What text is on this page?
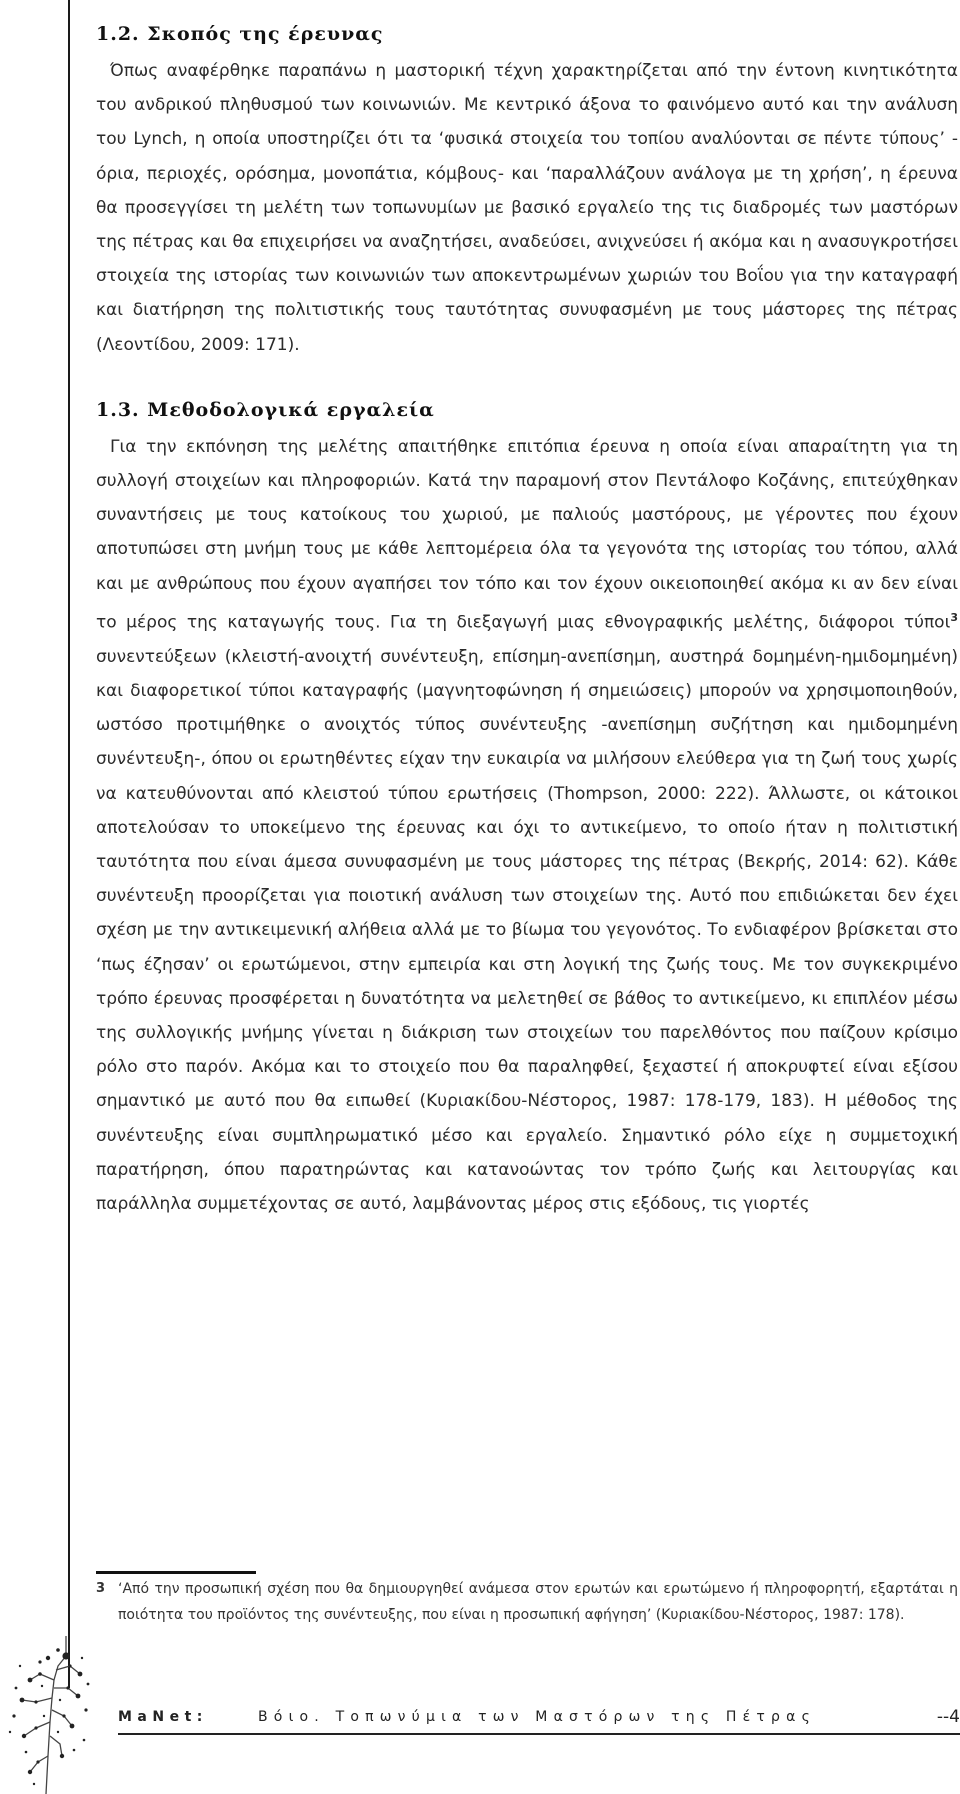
1.2. Σκοπός της έρευνας

Όπως αναφέρθηκε παραπάνω η μαστορική τέχνη χαρακτηρίζεται από την έντονη κινητικότητα του ανδρικού πληθυσμού των κοινωνιών. Με κεντρικό άξονα το φαινόμενο αυτό και την ανάλυση του Lynch, η οποία υποστηρίζει ότι τα ‘φυσικά στοιχεία του τοπίου αναλύονται σε πέντε τύπους’ - όρια, περιοχές, ορόσημα, μονοπάτια, κόμβους- και ‘παραλλάζουν ανάλογα με τη χρήση’, η έρευνα θα προσεγγίσει τη μελέτη των τοπωνυμίων με βασικό εργαλείο της τις διαδρομές των μαστόρων της πέτρας και θα επιχειρήσει να αναζητήσει, αναδεύσει, ανιχνεύσει ή ακόμα και η ανασυγκροτήσει στοιχεία της ιστορίας των κοινωνιών των αποκεντρωμένων χωριών του Βοΐου για την καταγραφή και διατήρηση της πολιτιστικής τους ταυτότητας συνυφασμένη με τους μάστορες της πέτρας (Λεοντίδου, 2009: 171).

1.3. Μεθοδολογικά εργαλεία

Για την εκπόνηση της μελέτης απαιτήθηκε επιτόπια έρευνα η οποία είναι απαραίτητη για τη συλλογή στοιχείων και πληροφοριών. Κατά την παραμονή στον Πεντάλοφο Κοζάνης, επιτεύχθηκαν συναντήσεις με τους κατοίκους του χωριού, με παλιούς μαστόρους, με γέροντες που έχουν αποτυπώσει στη μνήμη τους με κάθε λεπτομέρεια όλα τα γεγονότα της ιστορίας του τόπου, αλλά και με ανθρώπους που έχουν αγαπήσει τον τόπο και τον έχουν οικειοποιηθεί ακόμα κι αν δεν είναι το μέρος της καταγωγής τους. Για τη διεξαγωγή μιας εθνογραφικής μελέτης, διάφοροι τύποι$^3$ συνεντεύξεων (κλειστή-ανοιχτή συνέντευξη, επίσημη-ανεπίσημη, αυστηρά δομημένη-ημιδομημένη) και διαφορετικοί τύποι καταγραφής (μαγνητοφώνηση ή σημειώσεις) μπορούν να χρησιμοποιηθούν, ωστόσο προτιμήθηκε ο ανοιχτός τύπος συνέντευξης -ανεπίσημη συζήτηση και ημιδομημένη συνέντευξη-, όπου οι ερωτηθέντες είχαν την ευκαιρία να μιλήσουν ελεύθερα για τη ζωή τους χωρίς να κατευθύνονται από κλειστού τύπου ερωτήσεις (Thompson, 2000: 222). Άλλωστε, οι κάτοικοι αποτελούσαν το υποκείμενο της έρευνας και όχι το αντικείμενο, το οποίο ήταν η πολιτιστική ταυτότητα που είναι άμεσα συνυφασμένη με τους μάστορες της πέτρας (Βεκρής, 2014: 62). Κάθε συνέντευξη προορίζεται για ποιοτική ανάλυση των στοιχείων της. Αυτό που επιδιώκεται δεν έχει σχέση με την αντικειμενική αλήθεια αλλά με το βίωμα του γεγονότος. Το ενδιαφέρον βρίσκεται στο ‘πως έζησαν’ οι ερωτώμενοι, στην εμπειρία και στη λογική της ζωής τους. Με τον συγκεκριμένο τρόπο έρευνας προσφέρεται η δυνατότητα να μελετηθεί σε βάθος το αντικείμενο, κι επιπλέον μέσω της συλλογικής μνήμης γίνεται η διάκριση των στοιχείων του παρελθόντος που παίζουν κρίσιμο ρόλο στο παρόν. Ακόμα και το στοιχείο που θα παραληφθεί, ξεχαστεί ή αποκρυφτεί είναι εξίσου σημαντικό με αυτό που θα ειπωθεί (Κυριακίδου-Νέστορος, 1987: 178-179, 183). Η μέθοδος της συνέντευξης είναι συμπληρωματικό μέσο και εργαλείο. Σημαντικό ρόλο είχε η συμμετοχική παρατήρηση, όπου παρατηρώντας και κατανοώντας τον τρόπο ζωής και λειτουργίας και παράλληλα συμμετέχοντας σε αυτό, λαμβάνοντας μέρος στις εξόδους, τις γιορτές

3 ‘Από την προσωπική σχέση που θα δημιουργηθεί ανάμεσα στον ερωτών και ερωτώμενο ή πληροφορητή, εξαρτάται η ποιότητα του προϊόντος της συνέντευξης, που είναι η προσωπική αφήγηση’ (Κυριακίδου-Νέστορος, 1987: 178).
MaNet:	Βόιο. Τοπωνύμια των Μαστόρων της Πέτρας	--4
